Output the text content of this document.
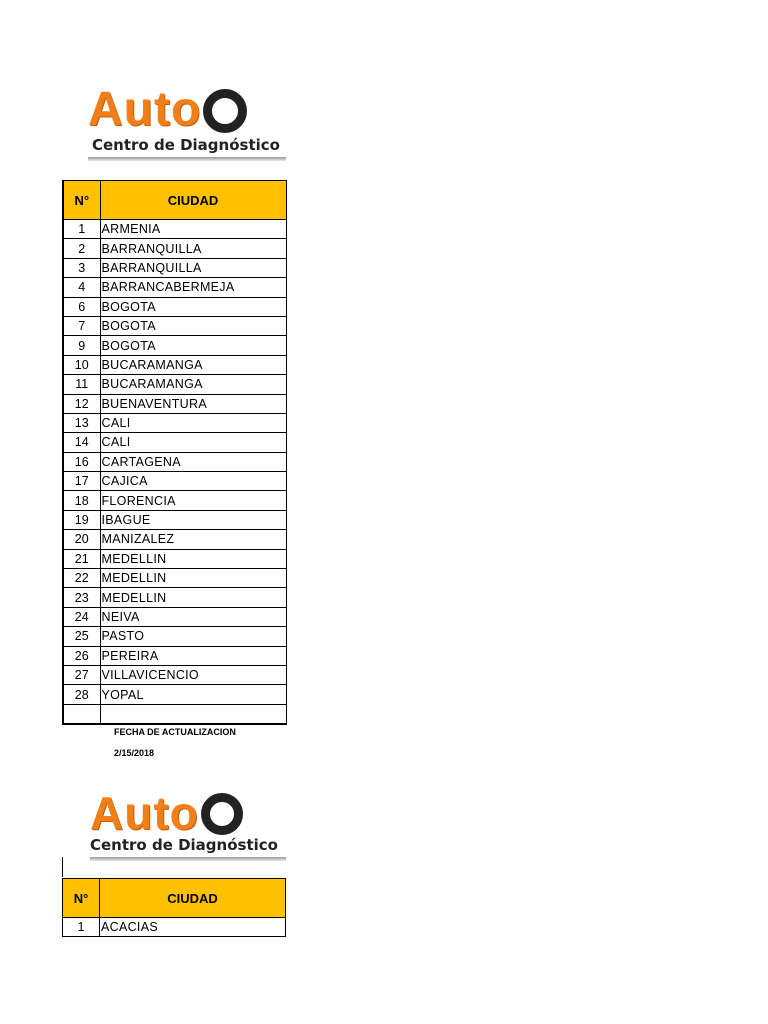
Auto
Centro de Diagnóstico
N°	CIUDAD
1	ARMENIA
2	BARRANQUILLA
3	BARRANQUILLA
4	BARRANCABERMEJA
6	BOGOTA
7	BOGOTA
9	BOGOTA
10	BUCARAMANGA
11	BUCARAMANGA
12	BUENAVENTURA
13	CALI
14	CALI
16	CARTAGENA
17	CAJICA
18	FLORENCIA
19	IBAGUE
20	MANIZALEZ
21	MEDELLIN
22	MEDELLIN
23	MEDELLIN
24	NEIVA
25	PASTO
26	PEREIRA
27	VILLAVICENCIO
28	YOPAL

FECHA DE ACTUALIZACION
2/15/2018
Auto
Centro de Diagnóstico
N°	CIUDAD
1	ACACIAS
